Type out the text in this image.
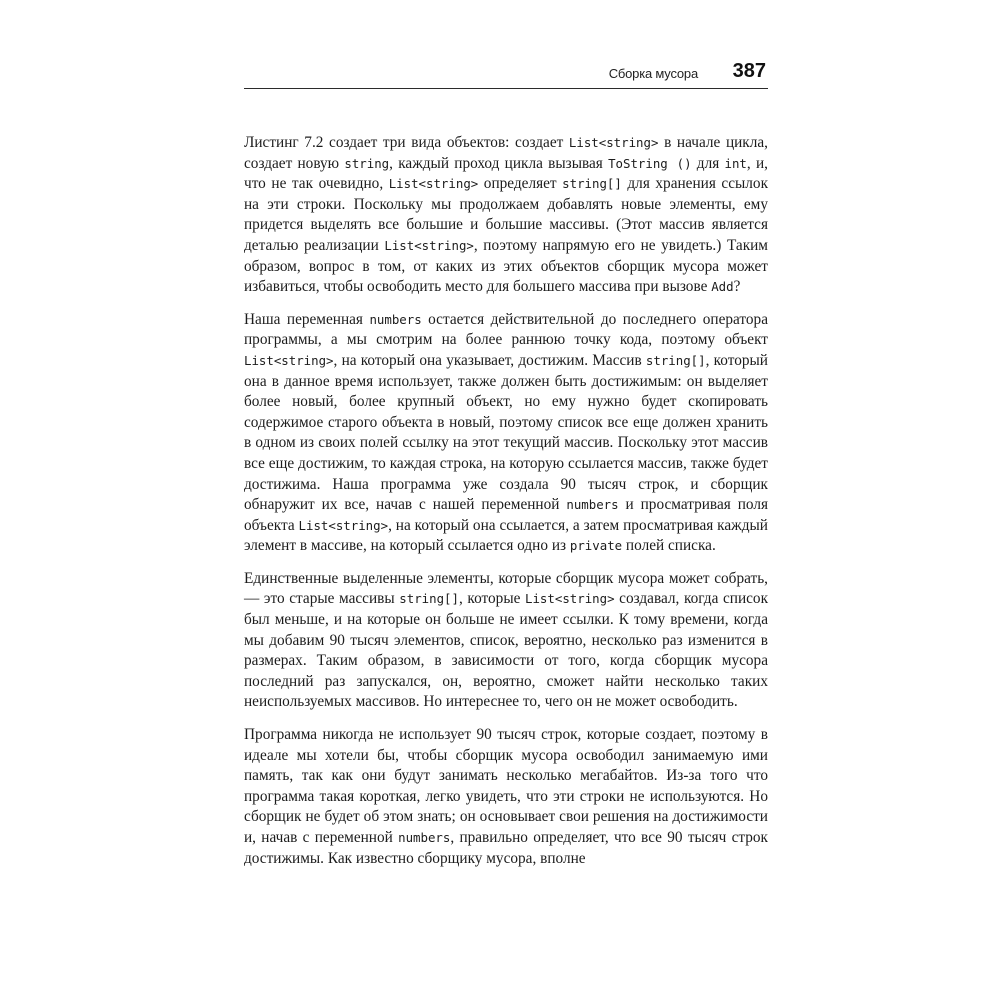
Сборка мусора 387

Листинг 7.2 создает три вида объектов: создает List<string> в начале цикла, создает новую string, каждый проход цикла вызывая ToString () для int, и, что не так очевидно, List<string> определяет string[] для хранения ссылок на эти строки. Поскольку мы продолжаем добавлять новые элементы, ему придется выделять все большие и большие массивы. (Этот массив является деталью реализации List<string>, поэтому напрямую его не увидеть.) Таким образом, вопрос в том, от каких из этих объектов сборщик мусора может избавиться, чтобы освободить место для большего массива при вызове Add?

Наша переменная numbers остается действительной до последнего оператора программы, а мы смотрим на более раннюю точку кода, поэтому объект List<string>, на который она указывает, достижим. Массив string[], который она в данное время использует, также должен быть достижимым: он выделяет более новый, более крупный объект, но ему нужно будет скопировать содержимое старого объекта в новый, поэтому список все еще должен хранить в одном из своих полей ссылку на этот текущий массив. Поскольку этот массив все еще достижим, то каждая строка, на которую ссылается массив, также будет достижима. Наша программа уже создала 90 тысяч строк, и сборщик обнаружит их все, начав с нашей переменной numbers и просматривая поля объекта List<string>, на который она ссылается, а затем просматривая каждый элемент в массиве, на который ссылается одно из private полей списка.

Единственные выделенные элементы, которые сборщик мусора может собрать, — это старые массивы string[], которые List<string> создавал, когда список был меньше, и на которые он больше не имеет ссылки. К тому времени, когда мы добавим 90 тысяч элементов, список, вероятно, несколько раз изменится в размерах. Таким образом, в зависимости от того, когда сборщик мусора последний раз запускался, он, вероятно, сможет найти несколько таких неиспользуемых массивов. Но интереснее то, чего он не может освободить.

Программа никогда не использует 90 тысяч строк, которые создает, поэтому в идеале мы хотели бы, чтобы сборщик мусора освободил занимаемую ими память, так как они будут занимать несколько мегабайтов. Из-за того что программа такая короткая, легко увидеть, что эти строки не используются. Но сборщик не будет об этом знать; он основывает свои решения на достижимости и, начав с переменной numbers, правильно определяет, что все 90 тысяч строк достижимы. Как известно сборщику мусора, вполне
